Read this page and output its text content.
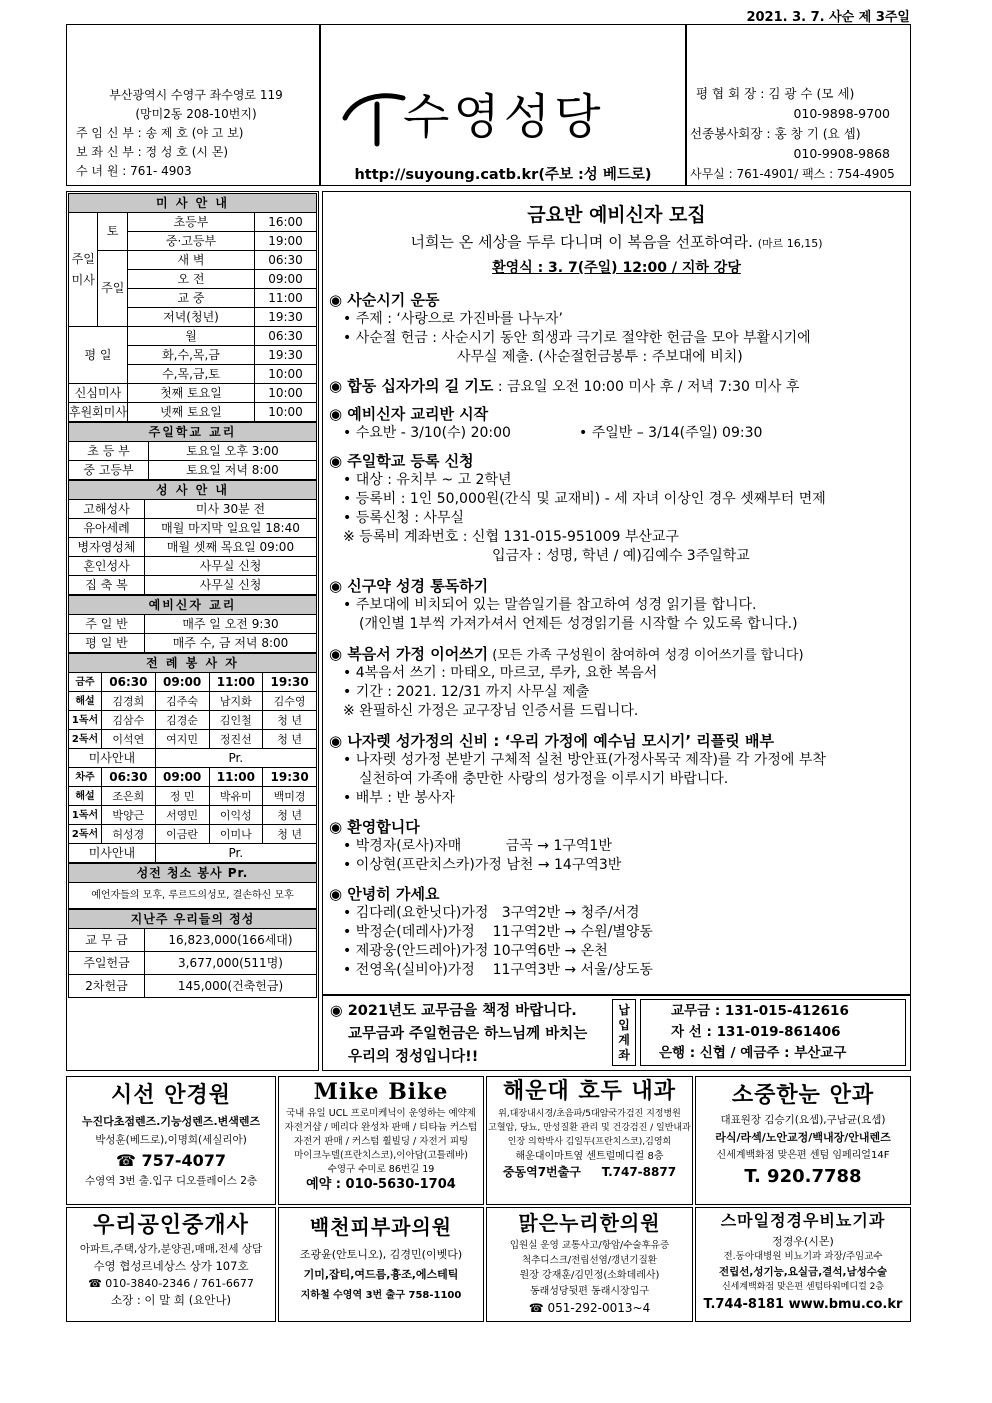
2021. 3. 7. 사순 제 3주일
부산광역시 수영구 좌수영로 119
(망미2동 208-10번지)
주 임 신 부 : 송 제 호 (야 고 보)
보 좌 신 부 : 정 성 호 (시 몬)
수 녀 원 : 761- 4903
수영성당
http://suyoung.catb.kr(주보 :성 베드로)
평 협 회 장 : 김 광 수 (모 세)
010-9898-9700
선종봉사회장 : 홍 창 기 (요 셉)
010-9908-9868
사무실 : 761-4901/ 팩스 : 754-4905
미 사 안 내			
주일미사	토	초등부	16:00
		중·고등부	19:00
	주일	새 벽	06:30
		오 전	09:00
		교 중	11:00
		저녁(청년)	19:30
평 일		월	06:30
		화,수,목,금	19:30
		수,목,금,토	10:00
신심미사		첫째 토요일	10:00
후원회미사		넷째 토요일	10:00
주일학교 교리	
초 등 부	토요일 오후 3:00
중 고등부	토요일 저녁 8:00
성 사 안 내	
고해성사	미사 30분 전
유아세례	매월 마지막 일요일 18:40
병자영성체	매월 셋째 목요일 09:00
혼인성사	사무실 신청
집 축 복	사무실 신청
예비신자 교리	
주 일 반	매주 일 오전 9:30
평 일 반	매주 수, 금 저녁 8:00
전 례 봉 사 자				
금주	06:30	09:00	11:00	19:30
해설	김경희	김주숙	남지화	김수영
1독서	김삼수	김경순	김인철	청 년
2독서	이석연	여지민	정진선	청 년
미사안내		Pr.		
차주	06:30	09:00	11:00	19:30
해설	조은희	정 민	박유미	백미경
1독서	박양근	서영민	이익성	청 년
2독서	허성경	이금란	이미나	청 년
미사안내		Pr.		
성전 청소 봉사 Pr.
예언자들의 모후, 루르드의성모, 결손하신 모후
지난주 우리들의 정성	
교 무 금	16,823,000(166세대)
주일헌금	3,677,000(511명)
2차헌금	145,000(건축헌금)
금요반 예비신자 모집
너희는 온 세상을 두루 다니며 이 복음을 선포하여라. (마르 16,15)
환영식 : 3. 7(주일) 12:00 / 지하 강당
◉ 사순시기 운동
• 주제 : ‘사랑으로 가진바를 나누자’
• 사순절 헌금 : 사순시기 동안 희생과 극기로 절약한 헌금을 모아 부활시기에
사무실 제출. (사순절헌금봉투 : 주보대에 비치)
◉ 합동 십자가의 길 기도 : 금요일 오전 10:00 미사 후 / 저녁 7:30 미사 후
◉ 예비신자 교리반 시작
• 수요반 - 3/10(수) 20:00	• 주일반 – 3/14(주일) 09:30
◉ 주일학교 등록 신청
• 대상 : 유치부 ~ 고 2학년
• 등록비 : 1인 50,000원(간식 및 교재비) - 세 자녀 이상인 경우 셋째부터 면제
• 등록신청 : 사무실
※ 등록비 계좌번호 : 신협 131-015-951009 부산교구
입금자 : 성명, 학년 / 예)김예수 3주일학교
◉ 신구약 성경 통독하기
• 주보대에 비치되어 있는 말씀일기를 참고하여 성경 읽기를 합니다.
(개인별 1부씩 가져가셔서 언제든 성경읽기를 시작할 수 있도록 합니다.)
◉ 복음서 가정 이어쓰기 (모든 가족 구성원이 참여하여 성경 이어쓰기를 합니다)
• 4복음서 쓰기 : 마태오, 마르코, 루카, 요한 복음서
• 기간 : 2021. 12/31 까지 사무실 제출
※ 완필하신 가정은 교구장님 인증서를 드립니다.
◉ 나자렛 성가정의 신비 : ‘우리 가정에 예수님 모시기’ 리플릿 배부
• 나자렛 성가정 본받기 구체적 실천 방안표(가정사목국 제작)를 각 가정에 부착
실천하여 가족애 충만한 사랑의 성가정을 이루시기 바랍니다.
• 배부 : 반 봉사자
◉ 환영합니다
• 박경자(로사)자매          금곡 → 1구역1반
• 이상현(프란치스카)가정 남천 → 14구역3반
◉ 안녕히 가세요
• 김다레(요한닛다)가정   3구역2반 → 청주/서경
• 박정순(데레사)가정    11구역2반 → 수원/별양동
• 제광웅(안드레아)가정 10구역6반 → 온천
• 전영옥(실비아)가정    11구역3반 → 서울/상도동
◉ 2021년도 교무금을 책정 바랍니다.
교무금과 주일헌금은 하느님께 바치는
우리의 정성입니다!!
납입계좌
교무금 : 131-015-412616
자 선 : 131-019-861406
은행 : 신협 / 예금주 : 부산교구
시선 안경원
누진다초점렌즈.기능성렌즈.변색렌즈
박성훈(베드로),이명희(세실리아)
☎ 757-4077
수영역 3번 출.입구 디오플레이스 2층
Mike Bike
국내 유일 UCL 프로미케닉이 운영하는 예약제
자전거샵 / 메리다 완성차 판매 / 티타늄 커스텀
자전거 판매 / 커스텀 휠빌딩 / 자전거 피팅
마이크누델(프란치스코),이아담(고틀레바)
수영구 수미로 86번길 19
예약 : 010-5630-1704
해운대 호두 내과
위,대장내시경/초음파/5대암국가검진 지정병원
고혈압, 당뇨, 만성질환 관리 및 건강검진 / 일반내과
인장 의학박사 김일두(프란치스코),김영희
해운대이마트옆 센트럴메디컬 8층
중동역7번출구     T.747-8877
소중한눈 안과
대표원장 김승기(요셉),구남균(요셉)
라식/라섹/노안교정/백내장/안내렌즈
신세계백화점 맞은편 센텀 임페리얼14F
T. 920.7788
우리공인중개사
아파트,주택,상가,분양권,매매,전세 상담
수영 협성르네상스 상가 107호
☎ 010-3840-2346 / 761-6677
소장 : 이 말 희 (요안나)
백천피부과의원
조광윤(안토니오), 김경민(이벳다)
기미,잡티,여드름,흉조,에스테틱
지하철 수영역 3번 출구 758-1100
맑은누리한의원
입원실 운영 교통사고/항암/수술후유증
척추디스크/전립선염/갱년기질환
원장 강재훈/김민정(소화데레사)
동래성당뒷편 동래시장입구
☎ 051-292-0013~4
스마일정경우비뇨기과
정경우(시몬)
전.동아대병원 비뇨기과 과장/주임교수
전립선,성기능,요실금,결석,남성수술
신세계백화점 맞은편 센텀타워메디컬 2층
T.744-8181 www.bmu.co.kr
